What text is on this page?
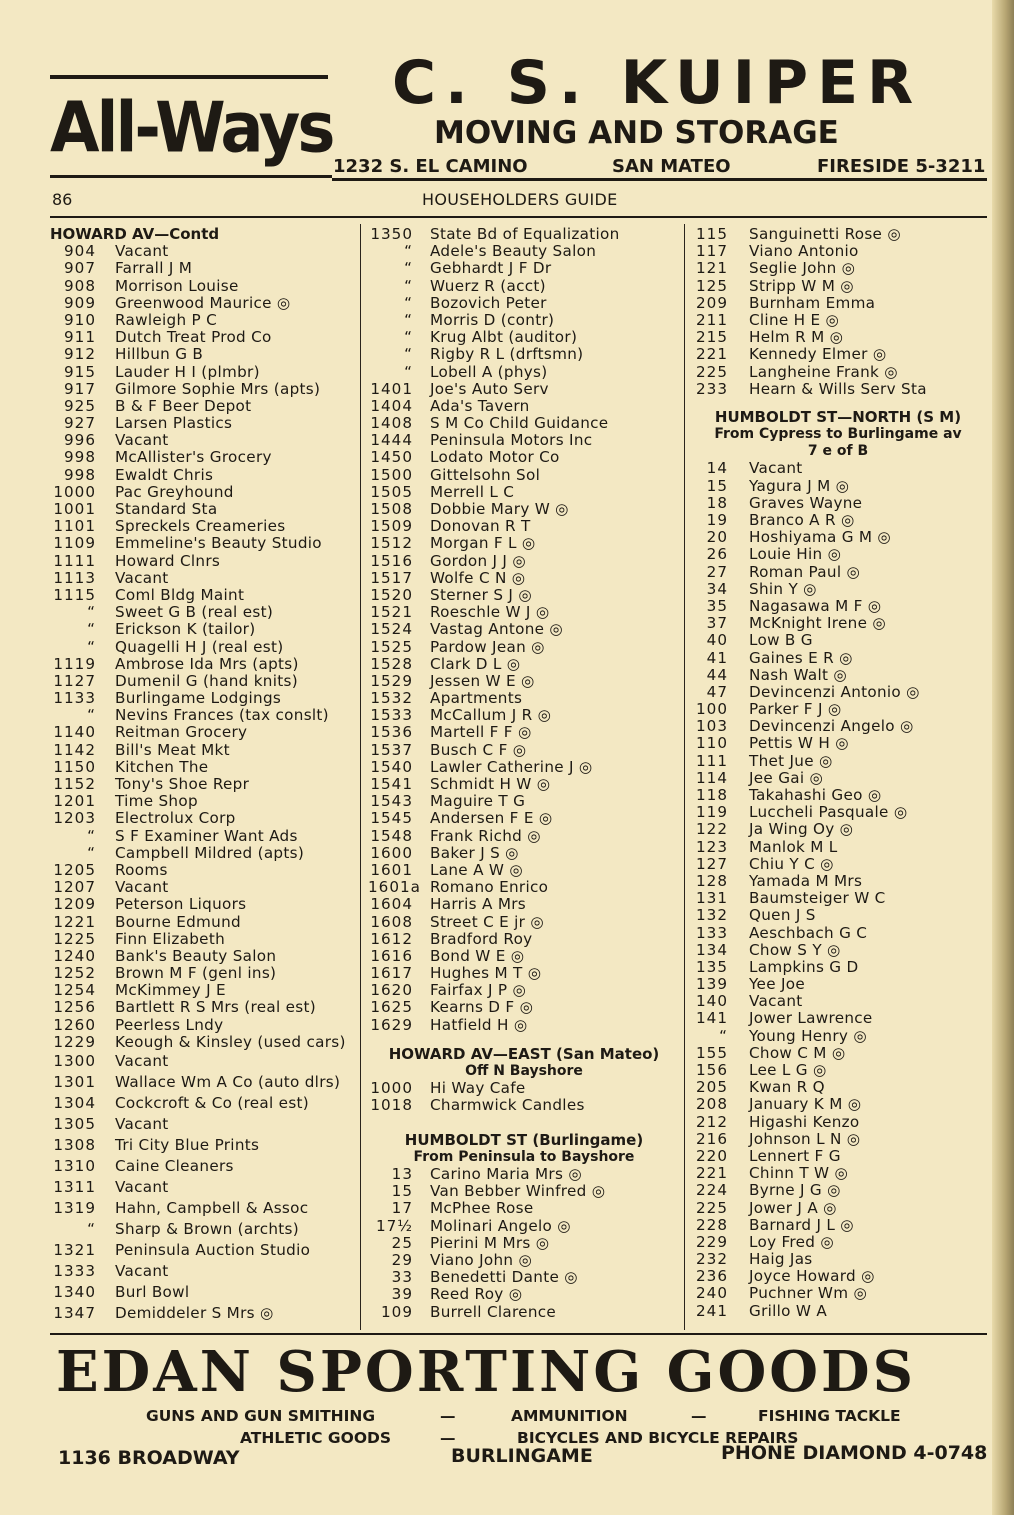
All-Ways
C. S. KUIPER
MOVING AND STORAGE
1232 S. EL CAMINO	SAN MATEO	FIRESIDE 5-3211
86	HOUSEHOLDERS GUIDE
HOWARD AV—Contd
904 Vacant
907 Farrall J M
908 Morrison Louise
909 Greenwood Maurice ◎
910 Rawleigh P C
911 Dutch Treat Prod Co
912 Hillbun G B
915 Lauder H I (plmbr)
917 Gilmore Sophie Mrs (apts)
925 B & F Beer Depot
927 Larsen Plastics
996 Vacant
998 McAllister's Grocery
998 Ewaldt Chris
1000 Pac Greyhound
1001 Standard Sta
1101 Spreckels Creameries
1109 Emmeline's Beauty Studio
1111 Howard Clnrs
1113 Vacant
1115 Coml Bldg Maint
“ Sweet G B (real est)
“ Erickson K (tailor)
“ Quagelli H J (real est)
1119 Ambrose Ida Mrs (apts)
1127 Dumenil G (hand knits)
1133 Burlingame Lodgings
“ Nevins Frances (tax conslt)
1140 Reitman Grocery
1142 Bill's Meat Mkt
1150 Kitchen The
1152 Tony's Shoe Repr
1201 Time Shop
1203 Electrolux Corp
“ S F Examiner Want Ads
“ Campbell Mildred (apts)
1205 Rooms
1207 Vacant
1209 Peterson Liquors
1221 Bourne Edmund
1225 Finn Elizabeth
1240 Bank's Beauty Salon
1252 Brown M F (genl ins)
1254 McKimmey J E
1256 Bartlett R S Mrs (real est)
1260 Peerless Lndy
1229 Keough & Kinsley (used cars)
1300 Vacant
1301 Wallace Wm A Co (auto dlrs)
1304 Cockcroft & Co (real est)
1305 Vacant
1308 Tri City Blue Prints
1310 Caine Cleaners
1311 Vacant
1319 Hahn, Campbell & Assoc
“ Sharp & Brown (archts)
1321 Peninsula Auction Studio
1333 Vacant
1340 Burl Bowl
1347 Demiddeler S Mrs ◎
1350 State Bd of Equalization
“ Adele's Beauty Salon
“ Gebhardt J F Dr
“ Wuerz R (acct)
“ Bozovich Peter
“ Morris D (contr)
“ Krug Albt (auditor)
“ Rigby R L (drftsmn)
“ Lobell A (phys)
1401 Joe's Auto Serv
1404 Ada's Tavern
1408 S M Co Child Guidance
1444 Peninsula Motors Inc
1450 Lodato Motor Co
1500 Gittelsohn Sol
1505 Merrell L C
1508 Dobbie Mary W ◎
1509 Donovan R T
1512 Morgan F L ◎
1516 Gordon J J ◎
1517 Wolfe C N ◎
1520 Sterner S J ◎
1521 Roeschle W J ◎
1524 Vastag Antone ◎
1525 Pardow Jean ◎
1528 Clark D L ◎
1529 Jessen W E ◎
1532 Apartments
1533 McCallum J R ◎
1536 Martell F F ◎
1537 Busch C F ◎
1540 Lawler Catherine J ◎
1541 Schmidt H W ◎
1543 Maguire T G
1545 Andersen F E ◎
1548 Frank Richd ◎
1600 Baker J S ◎
1601 Lane A W ◎
1601a Romano Enrico
1604 Harris A Mrs
1608 Street C E jr ◎
1612 Bradford Roy
1616 Bond W E ◎
1617 Hughes M T ◎
1620 Fairfax J P ◎
1625 Kearns D F ◎
1629 Hatfield H ◎
HOWARD AV—EAST (San Mateo)
Off N Bayshore
1000 Hi Way Cafe
1018 Charmwick Candles
HUMBOLDT ST (Burlingame)
From Peninsula to Bayshore
13 Carino Maria Mrs ◎
15 Van Bebber Winfred ◎
17 McPhee Rose
17½ Molinari Angelo ◎
25 Pierini M Mrs ◎
29 Viano John ◎
33 Benedetti Dante ◎
39 Reed Roy ◎
109 Burrell Clarence
115 Sanguinetti Rose ◎
117 Viano Antonio
121 Seglie John ◎
125 Stripp W M ◎
209 Burnham Emma
211 Cline H E ◎
215 Helm R M ◎
221 Kennedy Elmer ◎
225 Langheine Frank ◎
233 Hearn & Wills Serv Sta
HUMBOLDT ST—NORTH (S M)
From Cypress to Burlingame av
7 e of B
14 Vacant
15 Yagura J M ◎
18 Graves Wayne
19 Branco A R ◎
20 Hoshiyama G M ◎
26 Louie Hin ◎
27 Roman Paul ◎
34 Shin Y ◎
35 Nagasawa M F ◎
37 McKnight Irene ◎
40 Low B G
41 Gaines E R ◎
44 Nash Walt ◎
47 Devincenzi Antonio ◎
100 Parker F J ◎
103 Devincenzi Angelo ◎
110 Pettis W H ◎
111 Thet Jue ◎
114 Jee Gai ◎
118 Takahashi Geo ◎
119 Luccheli Pasquale ◎
122 Ja Wing Oy ◎
123 Manlok M L
127 Chiu Y C ◎
128 Yamada M Mrs
131 Baumsteiger W C
132 Quen J S
133 Aeschbach G C
134 Chow S Y ◎
135 Lampkins G D
139 Yee Joe
140 Vacant
141 Jower Lawrence
“ Young Henry ◎
155 Chow C M ◎
156 Lee L G ◎
205 Kwan R Q
208 January K M ◎
212 Higashi Kenzo
216 Johnson L N ◎
220 Lennert F G
221 Chinn T W ◎
224 Byrne J G ◎
225 Jower J A ◎
228 Barnard J L ◎
229 Loy Fred ◎
232 Haig Jas
236 Joyce Howard ◎
240 Puchner Wm ◎
241 Grillo W A
EDAN SPORTING GOODS
GUNS AND GUN SMITHING	—	AMMUNITION	—	FISHING TACKLE
ATHLETIC GOODS	—	BICYCLES AND BICYCLE REPAIRS
1136 BROADWAY	BURLINGAME	PHONE DIAMOND 4-0748
